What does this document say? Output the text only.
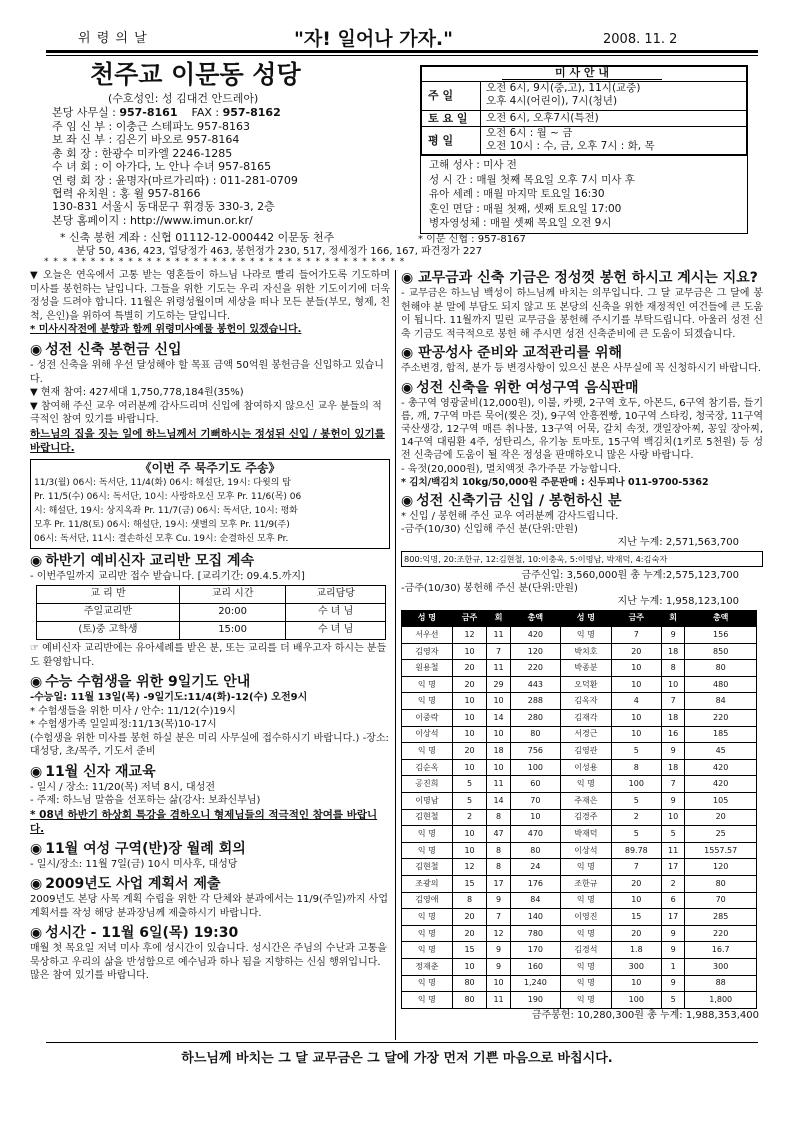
위 령 의 날	"자! 일어나 가자."	2008. 11. 2
천주교 이문동 성당
(수호성인: 성 김대건 안드레아)
본당 사무실 : 957-8161 FAX : 957-8162
주 임 신 부 : 이충근 스테파노 957-8163
보 좌 신 부 : 김은기 바오로 957-8164
총 회 장 : 한광수 미카엘 2246-1285
수 녀 회 : 이 아가다, 노 안나 수녀 957-8165
연 령 회 장 : 윤명자(마르가리따) : 011-281-0709
협력 유치원 : 홍 윌 957-8166
130-831 서울시 동대문구 휘경동 330-3, 2층
본당 홈페이지 : http://www.imun.or.kr/
* 신축 봉헌 계좌 : 신협 01112-12-000442 이문동 천주	* 이문 신협 : 957-8167
분당 50, 436, 423, 업당정가 463, 봉헌정가 230, 517, 정세정가 166, 167, 파견정가 227
* * * * * * * * * * * * * * * * * * * * * * * * * * * * * * * * * * * * * * *
미 사 안 내
주 일
오전 6시, 9시(중,고), 11시(교중)
오후 4시(어린이), 7시(청년)
토 요 일 오전 6시, 오후7시(특전)
평 일
오전 6시 : 월 ~ 금
오전 10시 : 수, 금, 오후 7시 : 화, 목
고해 성사 : 미사 전
성 시 간 : 매월 첫째 목요일 오후 7시 미사 후
유아 세례 : 매월 마지막 토요일 16:30
혼인 면담 : 매월 첫째, 셋째 토요일 17:00
병자영성체 : 매월 셋째 목요일 오전 9시
▼ 오늘은 연옥에서 고통 받는 영혼들이 하느님 나라로 빨리 들어가도록 기도하며 미사를 봉헌하는 날입니다. 그들을 위한 기도는 우리 자신을 위한 기도이기에 더욱 정성을 드려야 합니다. 11월은 위령성월이며 세상을 떠나 모든 분들(부모, 형제, 친척, 은인)을 위하여 특별히 기도하는 달입니다.
* 미사시작전에 분향과 함께 위령미사예물 봉헌이 있겠습니다.
◉ 성전 신축 봉헌금 신입
- 성전 신축을 위해 우선 달성해야 할 목표 금액 50억원 봉헌금을 신입하고 있습니다.
▼ 현재 참여: 427세대 1,750,778,184원(35%)
▼ 참여해 주신 교우 여러분께 감사드리며 신입에 참여하지 않으신 교우 분들의 적극적인 참여 있기를 바랍니다.
하느님의 집을 짓는 일에 하느님께서 기뻐하시는 정성된 신입 / 봉헌이 있기를 바랍니다.
《이번 주 묵주기도 주송》
11/3(월) 06시: 독서단, 11/4(화) 06시: 해설단, 19시: 다윗의 탑
Pr. 11/5(수) 06시: 독서단, 10시: 사랑하오신 모후 Pr. 11/6(목) 06
시: 해설단, 19시: 상지옥좌 Pr. 11/7(금) 06시: 독서단, 10시: 평화
모후 Pr. 11/8(토) 06시: 해설단, 19시: 샛별의 모후 Pr. 11/9(주)
06시: 독서단, 11시: 결손하신 모후 Cu. 19시: 순결하신 모후 Pr.
◉ 하반기 예비신자 교리반 모집 계속
- 이번주일까지 교리반 접수 받습니다. [교리기간: 09.4.5.까지]
교 리 반	교리 시간	교리담당
주일교리반	20:00	수 녀 님
(토)중 고학생	15:00	수 녀 님
☞ 예비신자 교리반에는 유아세례를 받은 분, 또는 교리를 더 배우고자 하시는 분들도 환영합니다.
◉ 수능 수험생을 위한 9일기도 안내
-수능일: 11월 13일(목) -9일기도:11/4(화)-12(수) 오전9시
* 수험생들을 위한 미사 / 안수: 11/12(수)19시
* 수험생가족 일일피정:11/13(목)10-17시
(수험생을 위한 미사를 봉헌 하실 분은 미리 사무실에 접수하시기 바랍니다.) -장소: 대성당, 초/목주, 기도서 준비
◉ 11월 신자 재교육
- 일시 / 장소: 11/20(목) 저녁 8시, 대성전
- 주제: 하느님 말씀을 선포하는 삶(강사: 보좌신부님)
* 08년 하반기 하상회 특강을 겸하오니 형제님들의 적극적인 참여를 바랍니다.
◉ 11월 여성 구역(반)장 월례 회의
- 일시/장소: 11월 7일(금) 10시 미사후, 대성당
◉ 2009년도 사업 계획서 제출
2009년도 본당 사목 계획 수립을 위한 각 단체와 분과에서는 11/9(주일)까지 사업 계획서를 작성 해당 분과장님께 제출하시기 바랍니다.
◉ 성시간 - 11월 6일(목) 19:30
매월 첫 목요일 저녁 미사 후에 성시간이 있습니다. 성시간은 주님의 수난과 고통을 묵상하고 우리의 삶을 반성함으로 예수님과 하나 됨을 지향하는 신심 행위입니다. 많은 참여 있기를 바랍니다.
◉ 교무금과 신축 기금은 정성껏 봉헌 하시고 계시는 지요?
- 교무금은 하느님 백성이 하느님께 바치는 의무입니다. 그 달 교무금은 그 달에 봉헌해야 분 말에 부담도 되지 않고 또 본당의 신축을 위한 재정적인 여건들에 큰 도움이 됩니다. 11월까지 밀린 교무금을 봉헌해 주시기를 부탁드립니다. 아울러 성전 신축 기금도 적극적으로 봉헌 해 주시면 성전 신축준비에 큰 도움이 되겠습니다.
◉ 판공성사 준비와 교적관리를 위해
주소변경, 합적, 분가 등 변경사항이 있으신 분은 사무실에 꼭 신청하시기 바랍니다.
◉ 성전 신축을 위한 여성구역 음식판매
- 총구역 영광굴비(12,000원), 이불, 카펫, 2구역 호두, 아몬드, 6구역 참기름, 들기름, 깨, 7구역 마른 묵어(찢은 것), 9구역 안흥찐빵, 10구역 스타킹, 청국장, 11구역 국산생강, 12구역 매른 취나물, 13구역 어묵, 갈치 속젓, 갯일장아찌, 꽁잎 장아찌, 14구역 대림환 4주, 성탄리스, 유기농 토마토, 15구역 백김치(1키로 5천원) 등 성전 신축금에 도움이 될 작은 정성을 판매하오니 많은 사랑 바랍니다.
- 육젓(20,000원), 멸치액젓 추가주문 가능합니다.
* 김치/백김치 10kg/50,000원 주문판매 : 신두피나 011-9700-5362
◉ 성전 신축기금 신입 / 봉헌하신 분
* 신입 / 봉헌해 주신 교우 여러분께 감사드립니다.
-금주(10/30) 신입해 주신 분(단위:만원)
지난 누계: 2,571,563,700
800:익명, 20:조한규, 12:김현철, 10:이충욱, 5:이명남, 박재덕, 4:김숙자
금주신입: 3,560,000원 총 누계:2,575,123,700
-금주(10/30) 봉헌해 주신 분(단위:만원)
지난 누계: 1,958,123,100
성 명	금주	회	총액	성 명	금주	회	총액
서우선	12	11	420	익 명	7	9	156
김영자	10	7	120	박치호	20	18	850
원용철	20	11	220	박종분	10	8	80
익 명	20	29	443	오덕환	10	10	480
익 명	10	10	288	김옥자	4	7	84
이중락	10	14	280	김재각	10	18	220
이상석	10	10	80	서경근	10	16	185
익 명	20	18	756	김영관	5	9	45
김순옥	10	10	100	이성용	8	18	420
공진희	5	11	60	익 명	100	7	420
이명남	5	14	70	주재은	5	9	105
김현철	2	8	10	김경주	2	10	20
익 명	10	47	470	박재덕	5	5	25
익 명	10	8	80	이상석	89.78	11	1557.57
김현철	12	8	24	익 명	7	17	120
조광의	15	17	176	조한규	20	2	80
김영애	8	9	84	익 명	10	6	70
익 명	20	7	140	이영진	15	17	285
익 명	20	12	780	익 명	20	9	220
익 명	15	9	170	김경석	1.8	9	16.7
정재춘	10	9	160	익 명	300	1	300
익 명	80	10	1,240	익 명	10	9	88
익 명	80	11	190	익 명	100	5	1,800
금주봉헌: 10,280,300원 총 누계: 1,988,353,400
하느님께 바치는 그 달 교무금은 그 달에 가장 먼저 기쁜 마음으로 바칩시다.
